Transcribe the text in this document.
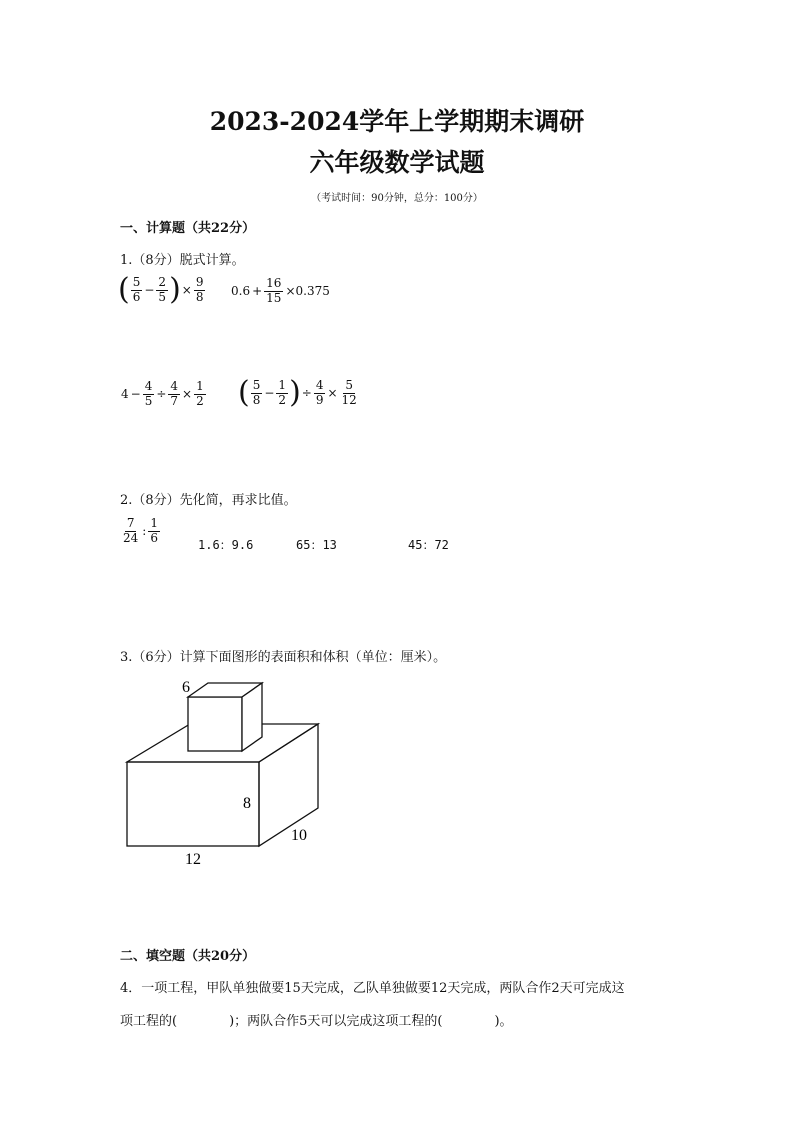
2023-2024学年上学期期末调研
六年级数学试题
（考试时间：90分钟，总分：100分）
一、计算题（共22分）
1.（8分）脱式计算。
( $\frac{5}{6} - \frac{2}{5}$ )× $\frac{9}{8} 0.6 + \frac{16}{15} \times 0.375$
$4 - \frac{4}{5} \div \frac{4}{7} \times \frac{1}{2}$ ( $\frac{5}{8} - \frac{1}{2}$ )÷ $\frac{4}{9} \times \frac{5}{12}$
2.（8分）先化简，再求比值。
$\frac{7}{24}$ : $\frac{1}{6}$	1.6：9.6	65：13	45：72
3.（6分）计算下面图形的表面积和体积（单位：厘米）。
6
8
10
12
二、填空题（共20分）
4．一项工程，甲队单独做要15天完成，乙队单独做要12天完成，两队合作2天可完成这
项工程的(　　　　)；两队合作5天可以完成这项工程的(　　　　)。
